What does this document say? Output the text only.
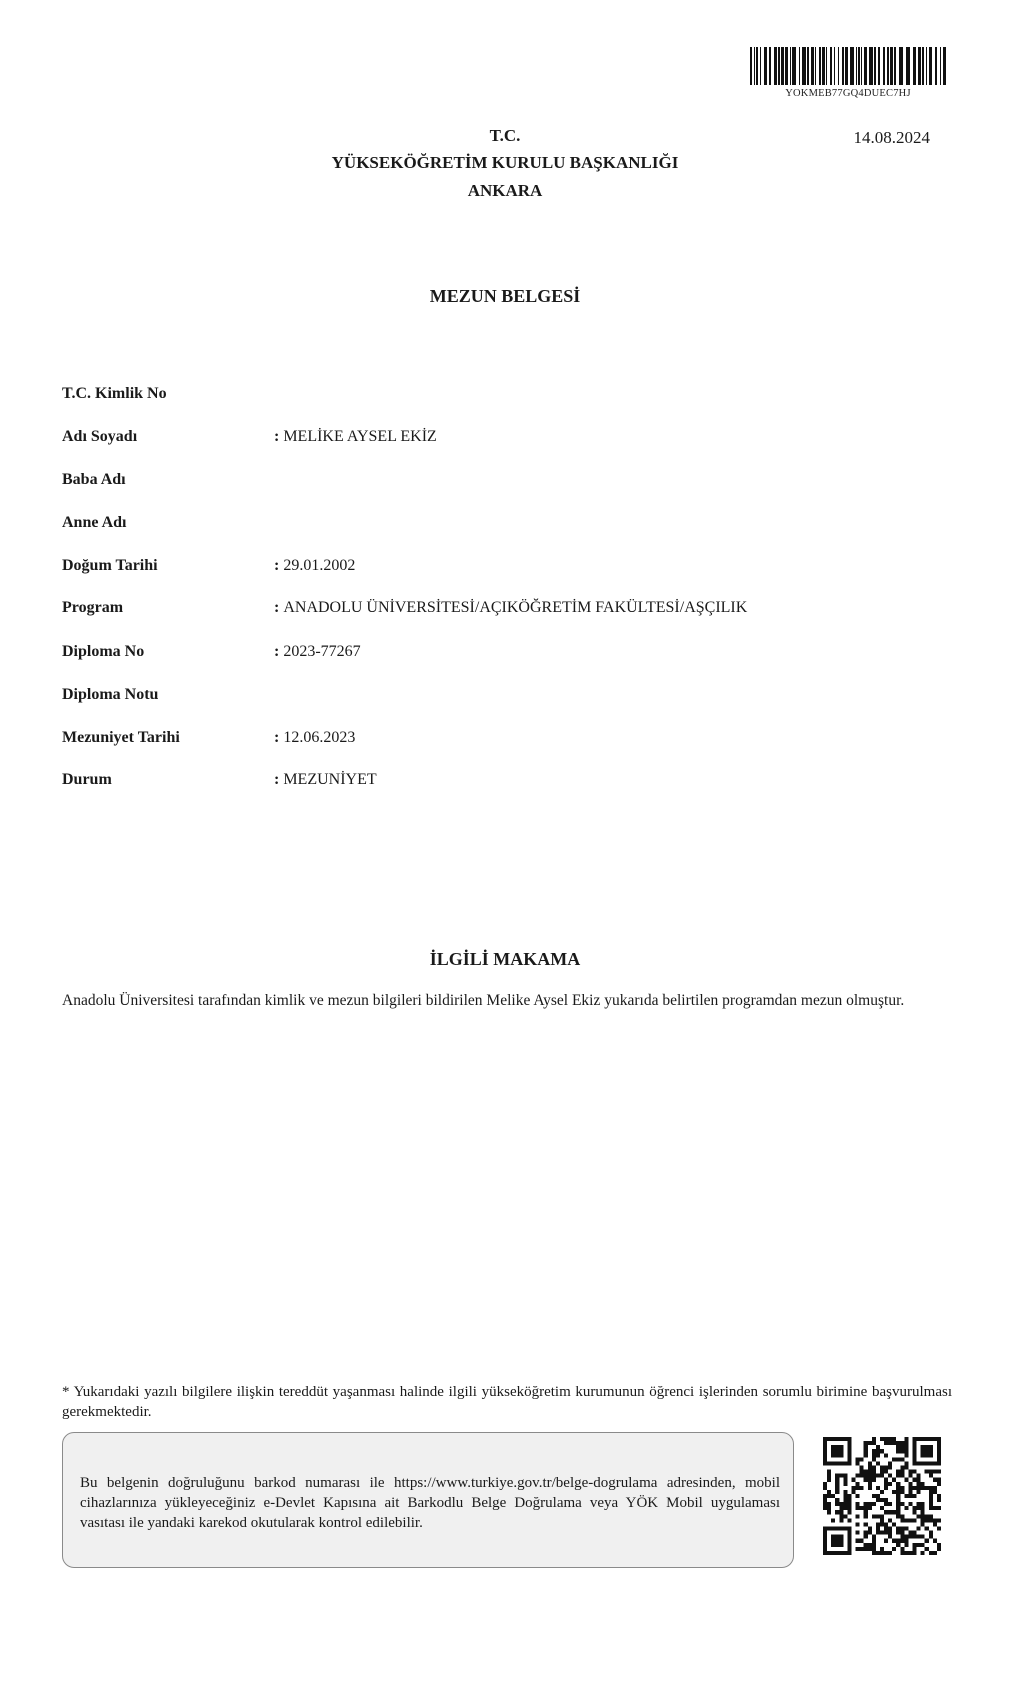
YOKMEB77GQ4DUEC7HJ
14.08.2024
T.C.
YÜKSEKÖĞRETİM KURULU BAŞKANLIĞI
ANKARA
MEZUN BELGESİ
T.C. Kimlik No
Adı Soyadı	: MELİKE AYSEL EKİZ
Baba Adı
Anne Adı
Doğum Tarihi	: 29.01.2002
Program	: ANADOLU ÜNİVERSİTESİ/AÇIKÖĞRETİM FAKÜLTESİ/AŞÇILIK
Diploma No	: 2023-77267
Diploma Notu
Mezuniyet Tarihi	: 12.06.2023
Durum	: MEZUNİYET
İLGİLİ MAKAMA
Anadolu Üniversitesi tarafından kimlik ve mezun bilgileri bildirilen Melike Aysel Ekiz yukarıda belirtilen programdan mezun olmuştur.
* Yukarıdaki yazılı bilgilere ilişkin tereddüt yaşanması halinde ilgili yükseköğretim kurumunun öğrenci işlerinden sorumlu birimine başvurulması gerekmektedir.
Bu belgenin doğruluğunu barkod numarası ile https://www.turkiye.gov.tr/belge-dogrulama adresinden, mobil cihazlarınıza yükleyeceğiniz e-Devlet Kapısına ait Barkodlu Belge Doğrulama veya YÖK Mobil uygulaması vasıtası ile yandaki karekod okutularak kontrol edilebilir.
